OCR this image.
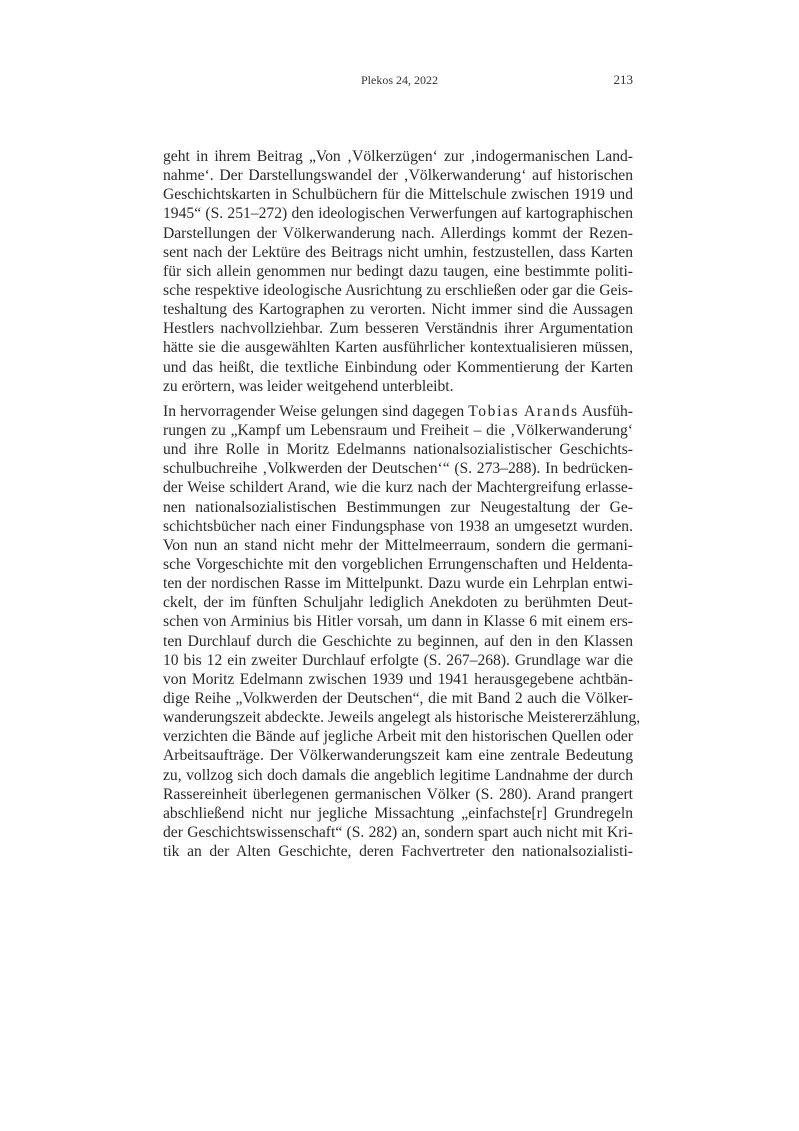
Plekos 24, 2022	213

geht in ihrem Beitrag „Von ‚Völkerzügen‘ zur ‚indogermanischen Land-
nahme‘. Der Darstellungswandel der ‚Völkerwanderung‘ auf historischen
Geschichtskarten in Schulbüchern für die Mittelschule zwischen 1919 und
1945“ (S. 251–272) den ideologischen Verwerfungen auf kartographischen
Darstellungen der Völkerwanderung nach. Allerdings kommt der Rezen-
sent nach der Lektüre des Beitrags nicht umhin, festzustellen, dass Karten
für sich allein genommen nur bedingt dazu taugen, eine bestimmte politi-
sche respektive ideologische Ausrichtung zu erschließen oder gar die Geis-
teshaltung des Kartographen zu verorten. Nicht immer sind die Aussagen
Hestlers nachvollziehbar. Zum besseren Verständnis ihrer Argumentation
hätte sie die ausgewählten Karten ausführlicher kontextualisieren müssen,
und das heißt, die textliche Einbindung oder Kommentierung der Karten
zu erörtern, was leider weitgehend unterbleibt.

In hervorragender Weise gelungen sind dagegen Tobias Arands Ausfüh-
rungen zu „Kampf um Lebensraum und Freiheit – die ‚Völkerwanderung‘
und ihre Rolle in Moritz Edelmanns nationalsozialistischer Geschichts-
schulbuchreihe ‚Volkwerden der Deutschen‘“ (S. 273–288). In bedrücken-
der Weise schildert Arand, wie die kurz nach der Machtergreifung erlasse-
nen nationalsozialistischen Bestimmungen zur Neugestaltung der Ge-
schichtsbücher nach einer Findungsphase von 1938 an umgesetzt wurden.
Von nun an stand nicht mehr der Mittelmeerraum, sondern die germani-
sche Vorgeschichte mit den vorgeblichen Errungenschaften und Heldenta-
ten der nordischen Rasse im Mittelpunkt. Dazu wurde ein Lehrplan entwi-
ckelt, der im fünften Schuljahr lediglich Anekdoten zu berühmten Deut-
schen von Arminius bis Hitler vorsah, um dann in Klasse 6 mit einem ers-
ten Durchlauf durch die Geschichte zu beginnen, auf den in den Klassen
10 bis 12 ein zweiter Durchlauf erfolgte (S. 267–268). Grundlage war die
von Moritz Edelmann zwischen 1939 und 1941 herausgegebene achtbän-
dige Reihe „Volkwerden der Deutschen“, die mit Band 2 auch die Völker-
wanderungszeit abdeckte. Jeweils angelegt als historische Meistererzählung,
verzichten die Bände auf jegliche Arbeit mit den historischen Quellen oder
Arbeitsaufträge. Der Völkerwanderungszeit kam eine zentrale Bedeutung
zu, vollzog sich doch damals die angeblich legitime Landnahme der durch
Rassereinheit überlegenen germanischen Völker (S. 280). Arand prangert
abschließend nicht nur jegliche Missachtung „einfachste[r] Grundregeln
der Geschichtswissenschaft“ (S. 282) an, sondern spart auch nicht mit Kri-
tik an der Alten Geschichte, deren Fachvertreter den nationalsozialisti-
